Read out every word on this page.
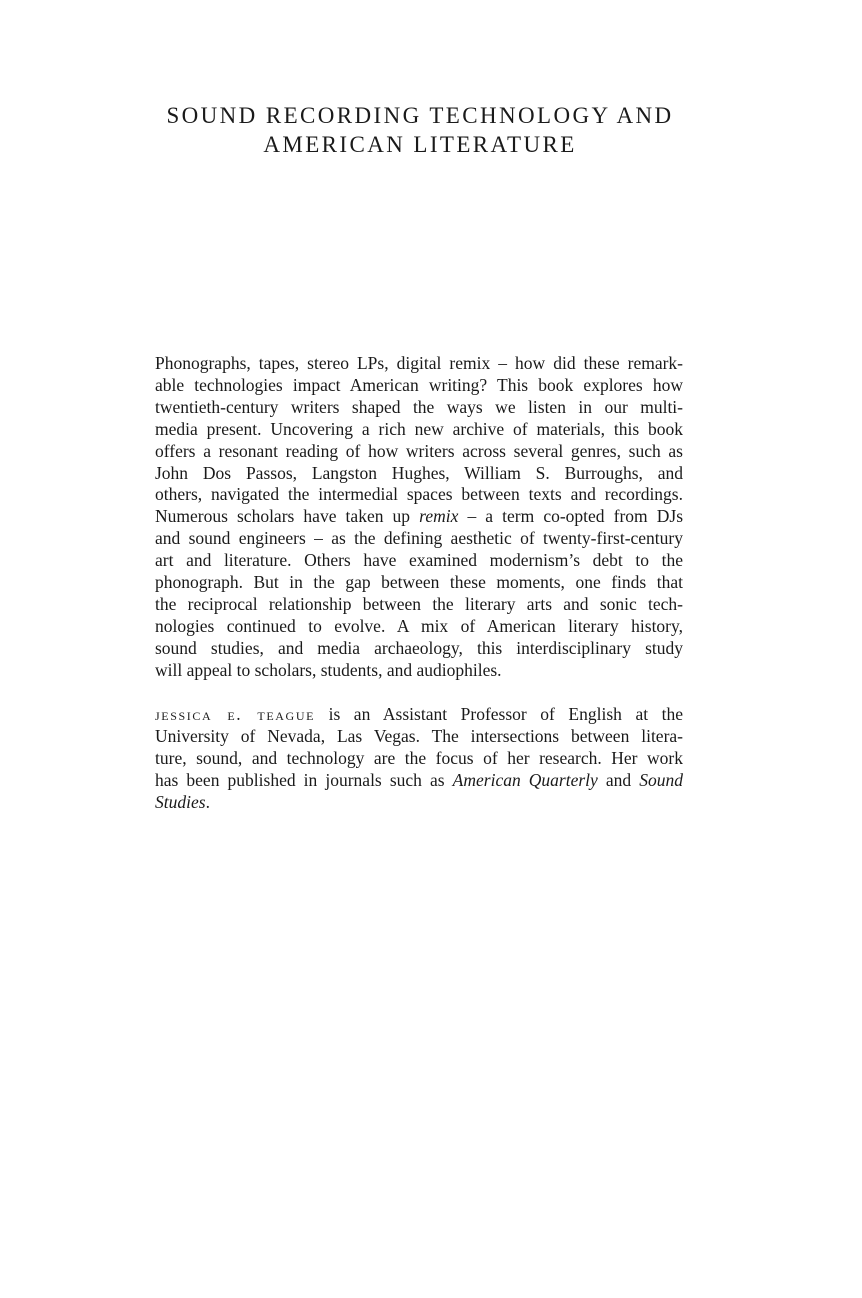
SOUND RECORDING TECHNOLOGY AND
AMERICAN LITERATURE
Phonographs, tapes, stereo LPs, digital remix – how did these remark-
able technologies impact American writing? This book explores how
twentieth-century writers shaped the ways we listen in our multi-
media present. Uncovering a rich new archive of materials, this book
offers a resonant reading of how writers across several genres, such as
John Dos Passos, Langston Hughes, William S. Burroughs, and
others, navigated the intermedial spaces between texts and recordings.
Numerous scholars have taken up remix – a term co-opted from DJs
and sound engineers – as the defining aesthetic of twenty-first-century
art and literature. Others have examined modernism’s debt to the
phonograph. But in the gap between these moments, one finds that
the reciprocal relationship between the literary arts and sonic tech-
nologies continued to evolve. A mix of American literary history,
sound studies, and media archaeology, this interdisciplinary study
will appeal to scholars, students, and audiophiles.
jessica e. teague is an Assistant Professor of English at the
University of Nevada, Las Vegas. The intersections between litera-
ture, sound, and technology are the focus of her research. Her work
has been published in journals such as American Quarterly and Sound
Studies.
